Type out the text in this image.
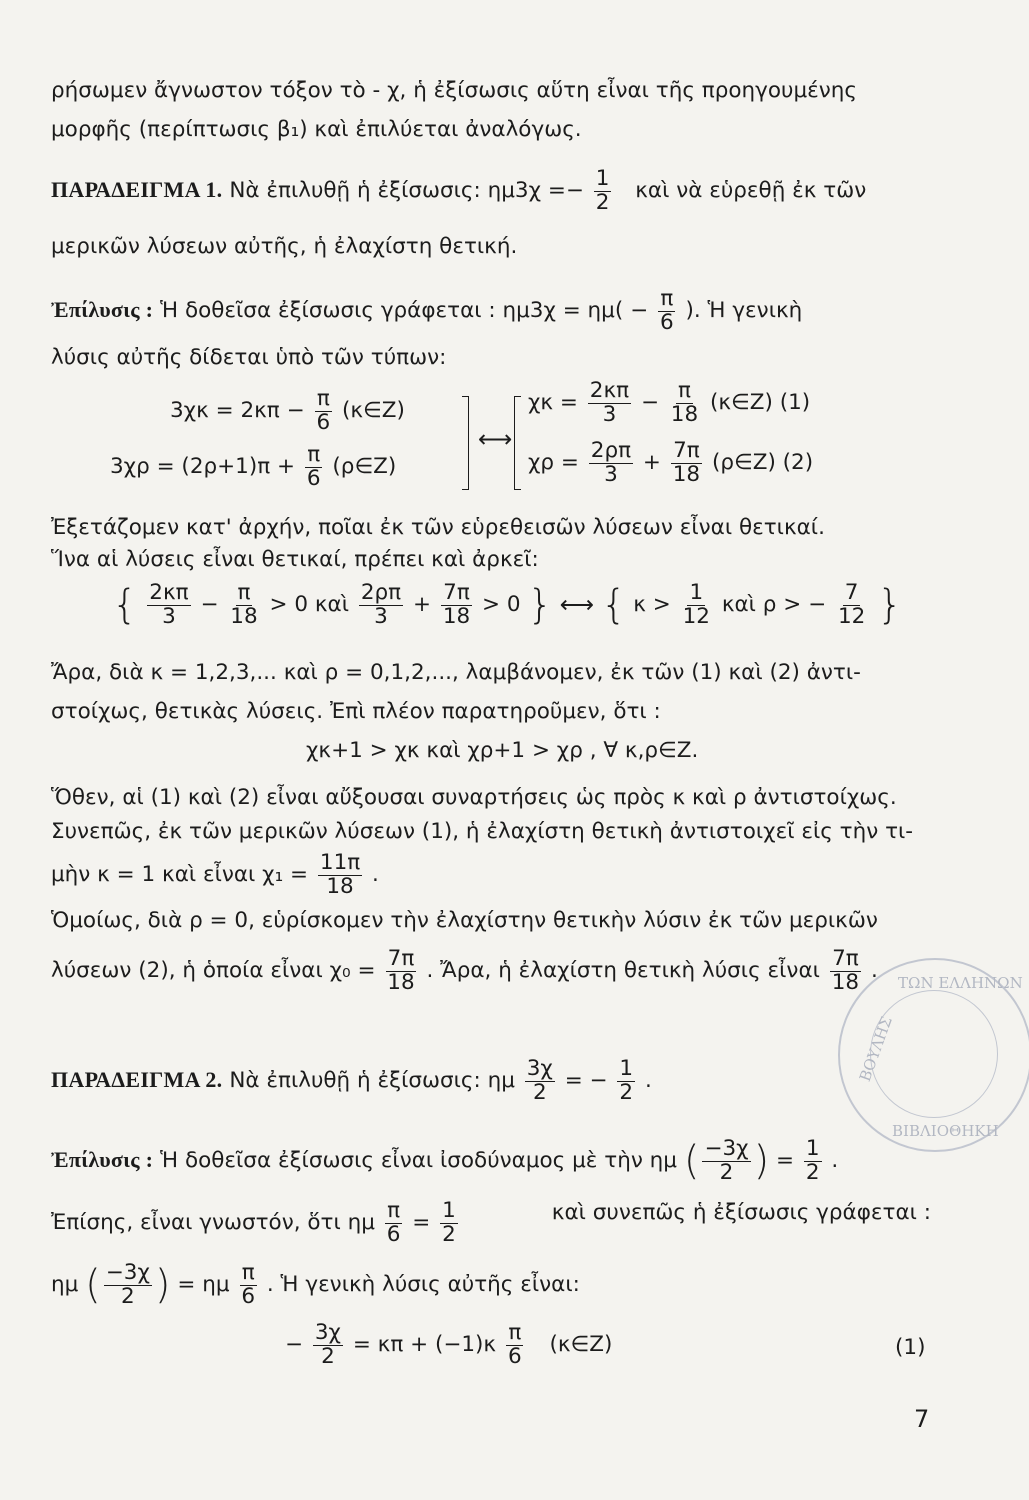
ρήσωμεν ἄγνωστον τόξον τὸ - χ, ἡ ἐξίσωσις αὕτη εἶναι τῆς προηγουμένης
μορφῆς (περίπτωσις β₁) καὶ ἐπιλύεται ἀναλόγως.
ΠΑΡΑΔΕΙΓΜΑ 1. Νὰ ἐπιλυθῇ ἡ ἐξίσωσις: $\eta\mu 3\chi =- \frac{1}{2}$ καὶ νὰ εὑρεθῇ ἐκ τῶν
μερικῶν λύσεων αὐτῆς, ἡ ἐλαχίστη θετική.
Ἐπίλυσις : Ἡ δοθεῖσα ἐξίσωσις γράφεται : $\eta\mu 3\chi = \eta\mu( - \frac{\pi}{6}$ ). Ἡ γενικὴ
λύσις αὐτῆς δίδεται ὑπὸ τῶν τύπων:
$3\chi\kappa = 2\kappa\pi - \frac{\pi}{6}$ (κ∈Z)
$3\chi\rho = (2\rho+1)\pi + \frac{\pi}{6}$ (ρ∈Z)
⟷
$\chi\kappa = \frac{2\kappa\pi}{3} - \frac{\pi}{18}$ (κ∈Z) (1)
$\chi\rho = \frac{2\rho\pi}{3} + \frac{7\pi}{18}$ (ρ∈Z) (2)
Ἐξετάζομεν κατ' ἀρχήν, ποῖαι ἐκ τῶν εὑρεθεισῶν λύσεων εἶναι θετικαί.
Ἵνα αἱ λύσεις εἶναι θετικαί, πρέπει καὶ ἀρκεῖ:
{ $\frac{2\kappa\pi}{3} - \frac{\pi}{18} > 0$ καὶ $\frac{2\rho\pi}{3} + \frac{7\pi}{18} > 0$ } ⟷ { $\kappa > \frac{1}{12}$ καὶ ρ > − $\frac{7}{12}$ }
Ἄρα, διὰ κ = 1,2,3,... καὶ ρ = 0,1,2,..., λαμβάνομεν, ἐκ τῶν (1) καὶ (2) ἀντι-
στοίχως, θετικὰς λύσεις. Ἐπὶ πλέον παρατηροῦμεν, ὅτι :
χκ+1 > χκ καὶ χρ+1 > χρ , ∀ κ,ρ∈Z.
Ὅθεν, αἱ (1) καὶ (2) εἶναι αὔξουσαι συναρτήσεις ὡς πρὸς κ καὶ ρ ἀντιστοίχως.
Συνεπῶς, ἐκ τῶν μερικῶν λύσεων (1), ἡ ἐλαχίστη θετικὴ ἀντιστοιχεῖ εἰς τὴν τι-
μὴν κ = 1 καὶ εἶναι $\chi_1 = \frac{11\pi}{18}$ .
Ὁμοίως, διὰ ρ = 0, εὑρίσκομεν τὴν ἐλαχίστην θετικὴν λύσιν ἐκ τῶν μερικῶν
λύσεων (2), ἡ ὁποία εἶναι $\chi_0 = \frac{7\pi}{18}$ . Ἄρα, ἡ ἐλαχίστη θετικὴ λύσις εἶναι $\frac{7\pi}{18}$ .
ΠΑΡΑΔΕΙΓΜΑ 2. Νὰ ἐπιλυθῇ ἡ ἐξίσωσις: ημ $\frac{3\chi}{2}$ = − $\frac{1}{2}$ .
Ἐπίλυσις : Ἡ δοθεῖσα ἐξίσωσις εἶναι ἰσοδύναμος μὲ τὴν ημ ( $\frac{-3\chi}{2}$ ) = $\frac{1}{2}$ .
Ἐπίσης, εἶναι γνωστόν, ὅτι ημ $\frac{\pi}{6} = \frac{1}{2}$	καὶ συνεπῶς ἡ ἐξίσωσις γράφεται :
ημ ( $\frac{-3\chi}{2}$ ) = ημ $\frac{\pi}{6}$ . Ἡ γενικὴ λύσις αὐτῆς εἶναι:
− $\frac{3\chi}{2} = \kappa\pi + (-1)\kappa \frac{\pi}{6}$ (κ∈Z)	(1)
ΤΩΝ ΕΛΛΗΝΩΝ
ΒΟΥΛΗΣ
ΒΙΒΛΙΟΘΗΚΗ
7
